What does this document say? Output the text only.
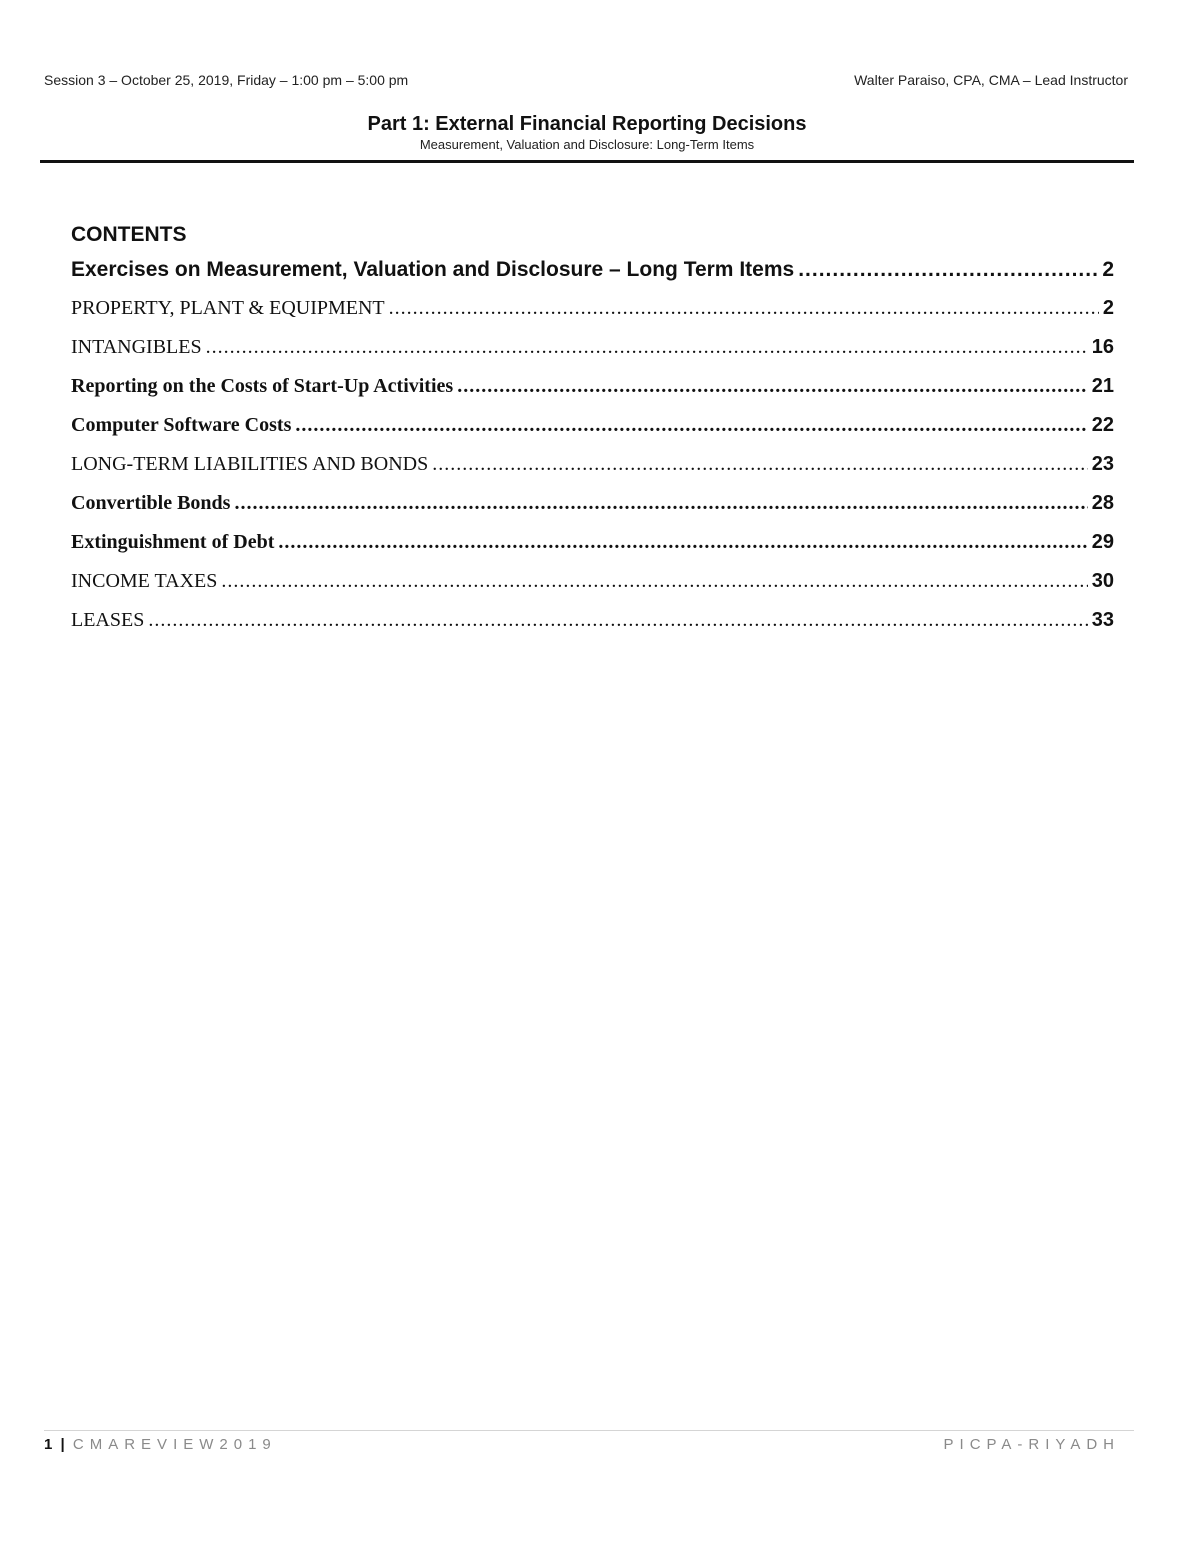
Session 3 – October 25, 2019, Friday – 1:00 pm – 5:00 pm	Walter Paraiso, CPA, CMA – Lead Instructor
Part 1: External Financial Reporting Decisions
Measurement, Valuation and Disclosure: Long-Term Items
CONTENTS
Exercises on Measurement, Valuation and Disclosure – Long Term Items .....	2
PROPERTY, PLANT & EQUIPMENT .....	2
INTANGIBLES .....	16
Reporting on the Costs of Start-Up Activities .....	21
Computer Software Costs .....	22
LONG-TERM LIABILITIES AND BONDS .....	23
Convertible Bonds .....	28
Extinguishment of Debt .....	29
INCOME TAXES .....	30
LEASES .....	33
1 | CMAREVIEW2019	PICPA-RIYADH
